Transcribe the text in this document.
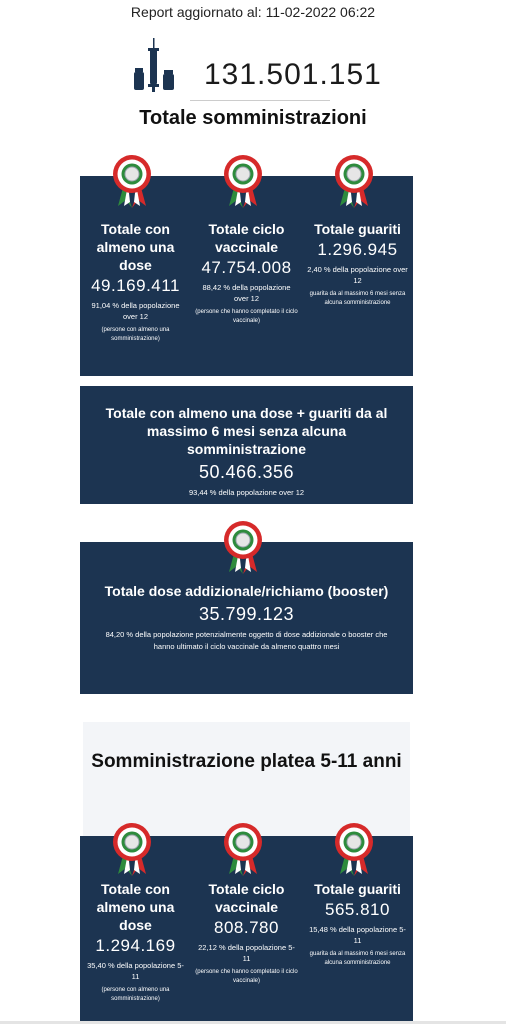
Report aggiornato al: 11-02-2022 06:22
131.501.151
Totale somministrazioni
Totale con almeno una dose
49.169.411
91,04 % della popolazione over 12
(persone con almeno una somministrazione)
Totale ciclo vaccinale
47.754.008
88,42 % della popolazione over 12
(persone che hanno completato il ciclo vaccinale)
Totale guariti
1.296.945
2,40 % della popolazione over 12
guarita da al massimo 6 mesi senza alcuna somministrazione
Totale con almeno una dose + guariti da al massimo 6 mesi senza alcuna somministrazione
50.466.356
93,44 % della popolazione over 12
Totale dose addizionale/richiamo (booster)
35.799.123
84,20 % della popolazione potenzialmente oggetto di dose addizionale o booster che hanno ultimato il ciclo vaccinale da almeno quattro mesi
Somministrazione platea 5-11 anni
Totale con almeno una dose
1.294.169
35,40 % della popolazione 5-11
(persone con almeno una somministrazione)
Totale ciclo vaccinale
808.780
22,12 % della popolazione 5-11
(persone che hanno completato il ciclo vaccinale)
Totale guariti
565.810
15,48 % della popolazione 5-11
guarita da al massimo 6 mesi senza alcuna somministrazione
